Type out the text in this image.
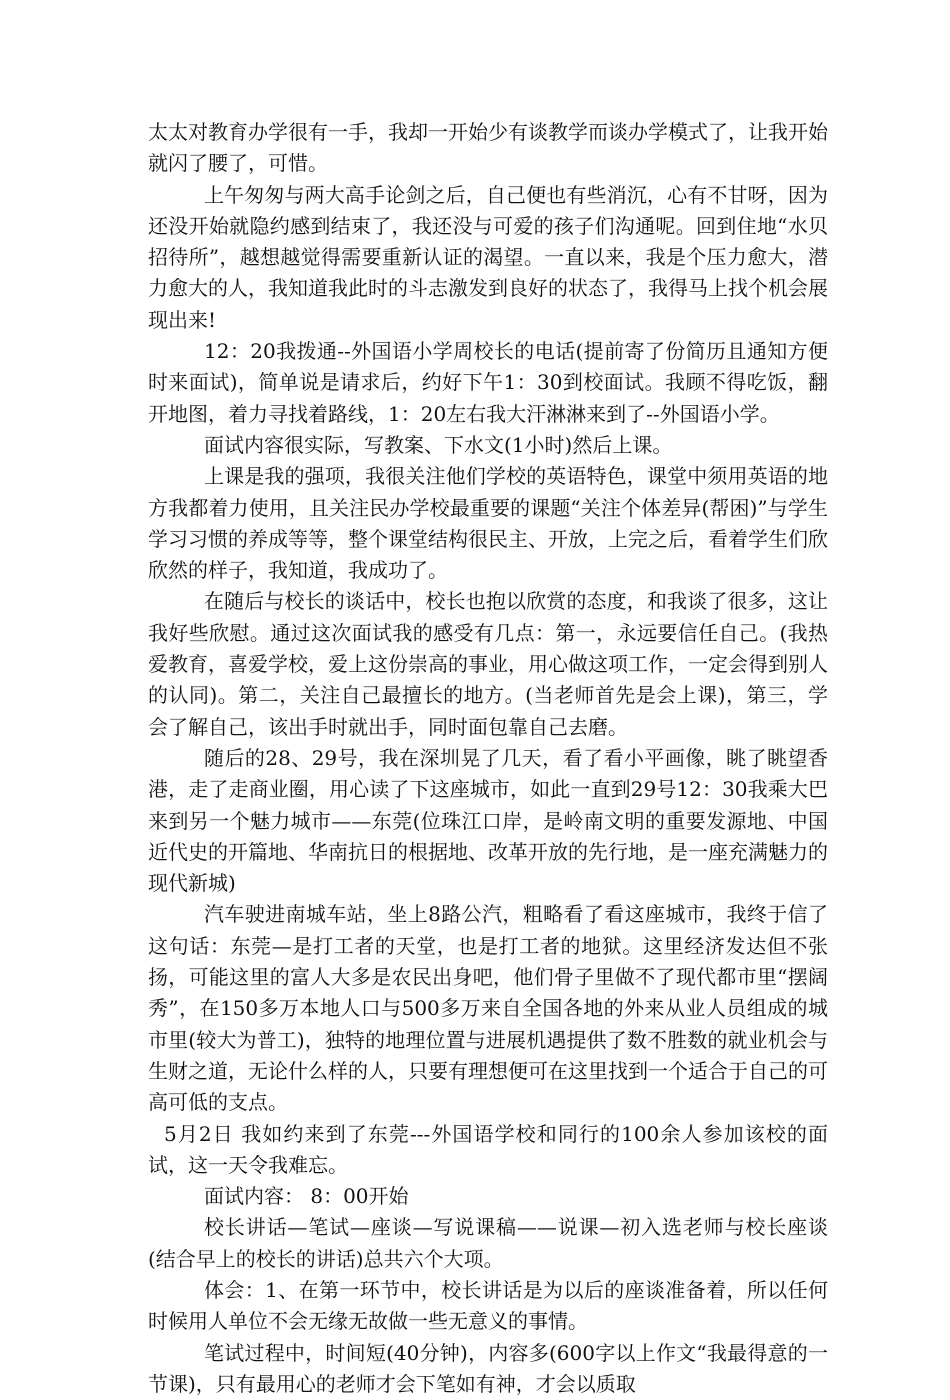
太太对教育办学很有一手，我却一开始少有谈教学而谈办学模式了，让我开始就闪了腰了，可惜。

上午匆匆与两大高手论剑之后，自己便也有些消沉，心有不甘呀，因为还没开始就隐约感到结束了，我还没与可爱的孩子们沟通呢。回到住地“水贝招待所”，越想越觉得需要重新认证的渴望。一直以来，我是个压力愈大，潜力愈大的人，我知道我此时的斗志激发到良好的状态了，我得马上找个机会展现出来!

12：20我拨通--外国语小学周校长的电话(提前寄了份简历且通知方便时来面试)，简单说是请求后，约好下午1：30到校面试。我顾不得吃饭，翻开地图，着力寻找着路线，1：20左右我大汗淋淋来到了--外国语小学。

面试内容很实际，写教案、下水文(1小时)然后上课。

上课是我的强项，我很关注他们学校的英语特色，课堂中须用英语的地方我都着力使用，且关注民办学校最重要的课题“关注个体差异(帮困)”与学生学习习惯的养成等等，整个课堂结构很民主、开放，上完之后，看着学生们欣欣然的样子，我知道，我成功了。

在随后与校长的谈话中，校长也抱以欣赏的态度，和我谈了很多，这让我好些欣慰。通过这次面试我的感受有几点：第一，永远要信任自己。(我热爱教育，喜爱学校，爱上这份崇高的事业，用心做这项工作，一定会得到别人的认同)。第二，关注自己最擅长的地方。(当老师首先是会上课)，第三，学会了解自己，该出手时就出手，同时面包靠自己去磨。

随后的28、29号，我在深圳晃了几天，看了看小平画像，眺了眺望香港，走了走商业圈，用心读了下这座城市，如此一直到29号12：30我乘大巴来到另一个魅力城市——东莞(位珠江口岸，是岭南文明的重要发源地、中国近代史的开篇地、华南抗日的根据地、改革开放的先行地，是一座充满魅力的现代新城)

汽车驶进南城车站，坐上8路公汽，粗略看了看这座城市，我终于信了这句话：东莞—是打工者的天堂，也是打工者的地狱。这里经济发达但不张扬，可能这里的富人大多是农民出身吧，他们骨子里做不了现代都市里“摆阔秀”，在150多万本地人口与500多万来自全国各地的外来从业人员组成的城市里(较大为普工)，独特的地理位置与进展机遇提供了数不胜数的就业机会与生财之道，无论什么样的人，只要有理想便可在这里找到一个适合于自己的可高可低的支点。

5月2日 我如约来到了东莞---外国语学校和同行的100余人参加该校的面试，这一天令我难忘。

面试内容： 8：00开始

校长讲话—笔试—座谈—写说课稿——说课—初入选老师与校长座谈(结合早上的校长的讲话)总共六个大项。

体会：1、在第一环节中，校长讲话是为以后的座谈准备着，所以任何时候用人单位不会无缘无故做一些无意义的事情。

笔试过程中，时间短(40分钟)，内容多(600字以上作文“我最得意的一节课)，只有最用心的老师才会下笔如有神，才会以质取
